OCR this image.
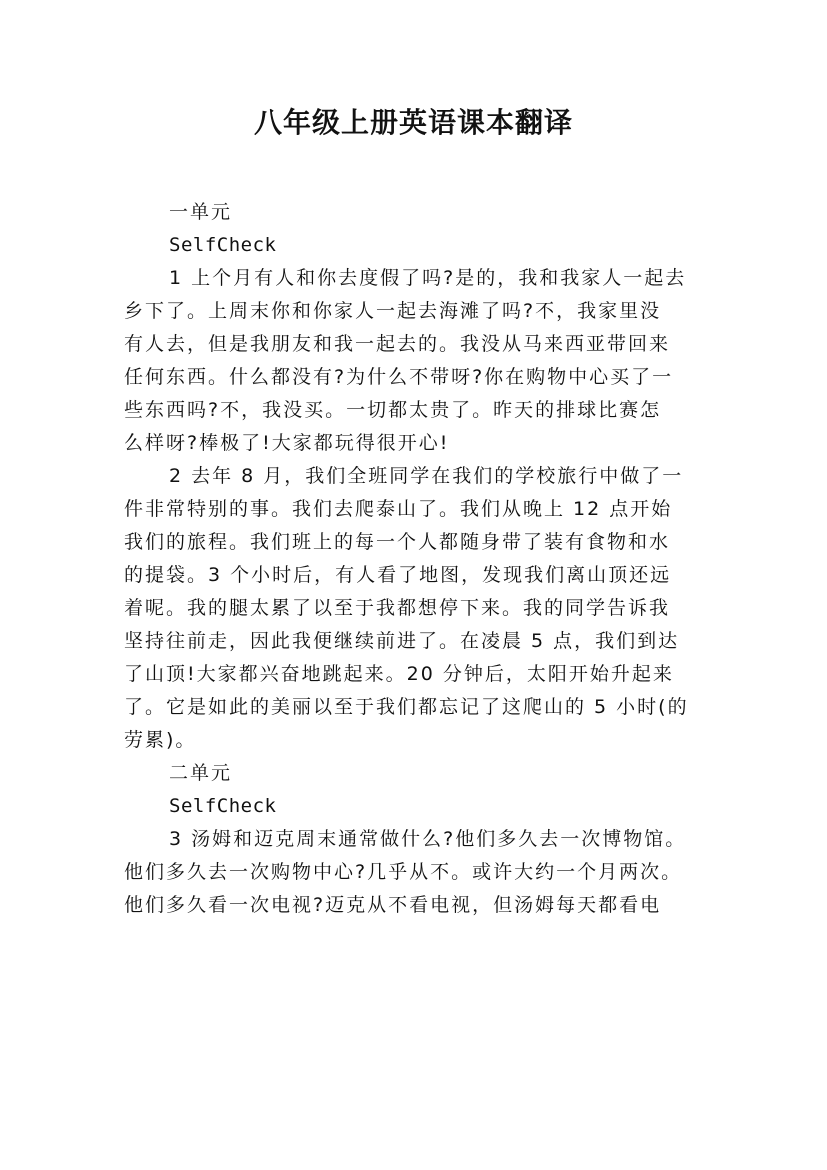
八年级上册英语课本翻译
一单元
SelfCheck
1 上个月有人和你去度假了吗?是的，我和我家人一起去
乡下了。上周末你和你家人一起去海滩了吗?不，我家里没
有人去，但是我朋友和我一起去的。我没从马来西亚带回来
任何东西。什么都没有?为什么不带呀?你在购物中心买了一
些东西吗?不，我没买。一切都太贵了。昨天的排球比赛怎
么样呀?棒极了!大家都玩得很开心!
2 去年 8 月，我们全班同学在我们的学校旅行中做了一
件非常特别的事。我们去爬泰山了。我们从晚上 12 点开始
我们的旅程。我们班上的每一个人都随身带了装有食物和水
的提袋。3 个小时后，有人看了地图，发现我们离山顶还远
着呢。我的腿太累了以至于我都想停下来。我的同学告诉我
坚持往前走，因此我便继续前进了。在凌晨 5 点，我们到达
了山顶!大家都兴奋地跳起来。20 分钟后，太阳开始升起来
了。它是如此的美丽以至于我们都忘记了这爬山的 5 小时(的
劳累)。
二单元
SelfCheck
3 汤姆和迈克周末通常做什么?他们多久去一次博物馆。
他们多久去一次购物中心?几乎从不。或许大约一个月两次。
他们多久看一次电视?迈克从不看电视，但汤姆每天都看电
